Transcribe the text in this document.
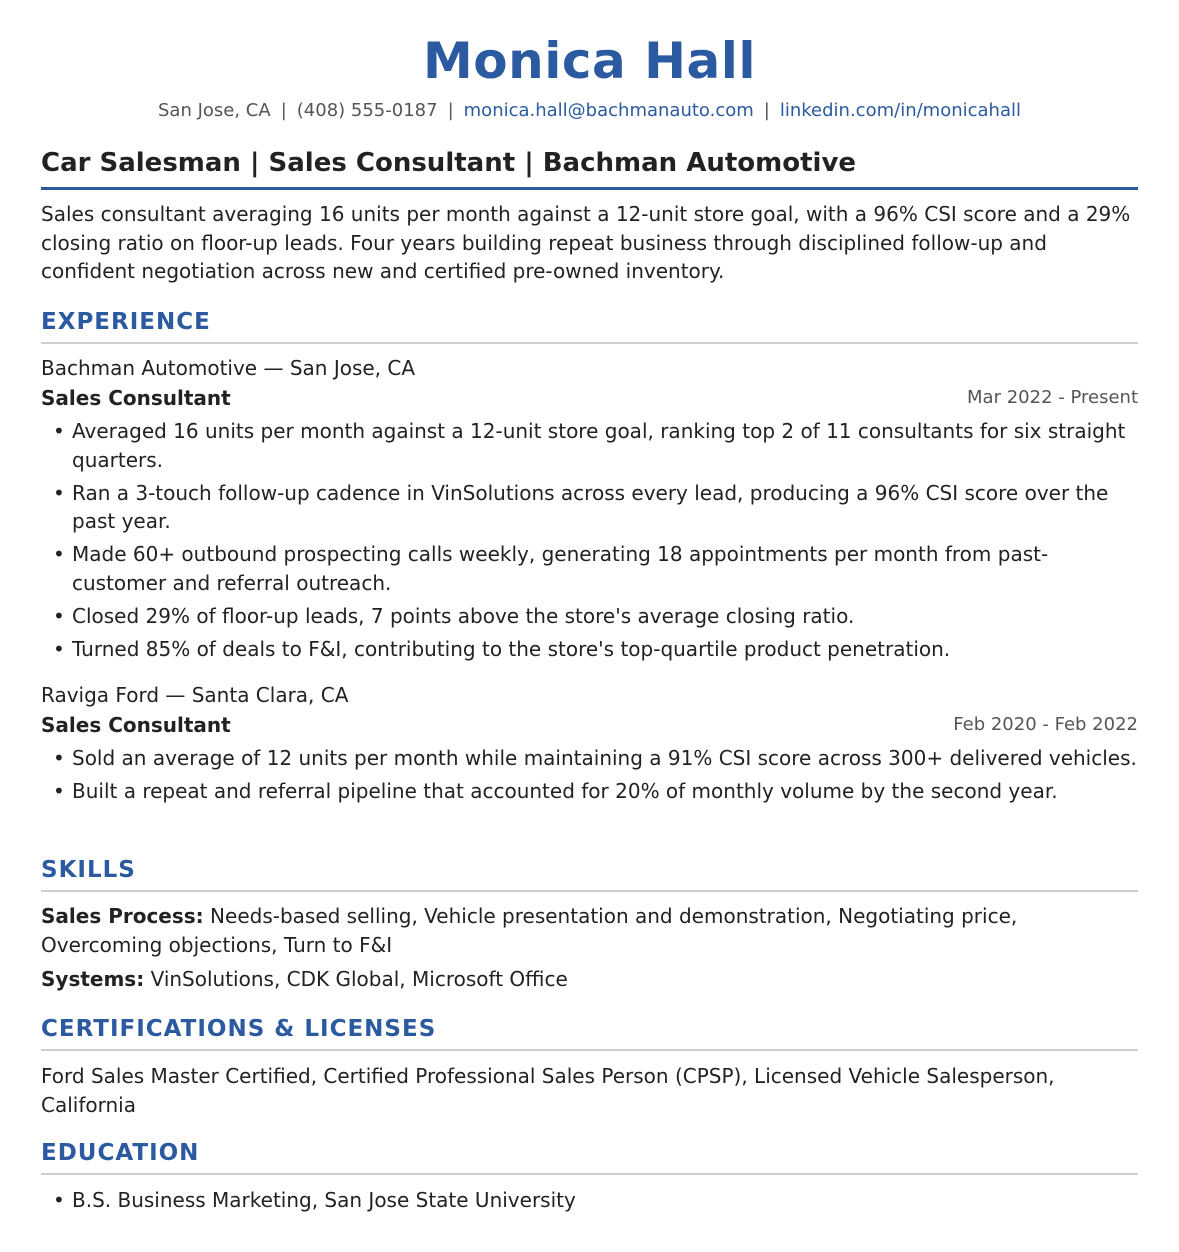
Monica Hall
San Jose, CA | (408) 555-0187 | monica.hall@bachmanauto.com | linkedin.com/in/monicahall
Car Salesman | Sales Consultant | Bachman Automotive
Sales consultant averaging 16 units per month against a 12-unit store goal, with a 96% CSI score and a 29% closing ratio on floor-up leads. Four years building repeat business through disciplined follow-up and confident negotiation across new and certified pre-owned inventory.
EXPERIENCE
Bachman Automotive — San Jose, CA
Sales Consultant	Mar 2022 - Present
• Averaged 16 units per month against a 12-unit store goal, ranking top 2 of 11 consultants for six straight quarters.
• Ran a 3-touch follow-up cadence in VinSolutions across every lead, producing a 96% CSI score over the past year.
• Made 60+ outbound prospecting calls weekly, generating 18 appointments per month from past-customer and referral outreach.
• Closed 29% of floor-up leads, 7 points above the store's average closing ratio.
• Turned 85% of deals to F&I, contributing to the store's top-quartile product penetration.
Raviga Ford — Santa Clara, CA
Sales Consultant	Feb 2020 - Feb 2022
• Sold an average of 12 units per month while maintaining a 91% CSI score across 300+ delivered vehicles.
• Built a repeat and referral pipeline that accounted for 20% of monthly volume by the second year.
SKILLS
Sales Process: Needs-based selling, Vehicle presentation and demonstration, Negotiating price, Overcoming objections, Turn to F&I
Systems: VinSolutions, CDK Global, Microsoft Office
CERTIFICATIONS & LICENSES
Ford Sales Master Certified, Certified Professional Sales Person (CPSP), Licensed Vehicle Salesperson, California
EDUCATION
• B.S. Business Marketing, San Jose State University
